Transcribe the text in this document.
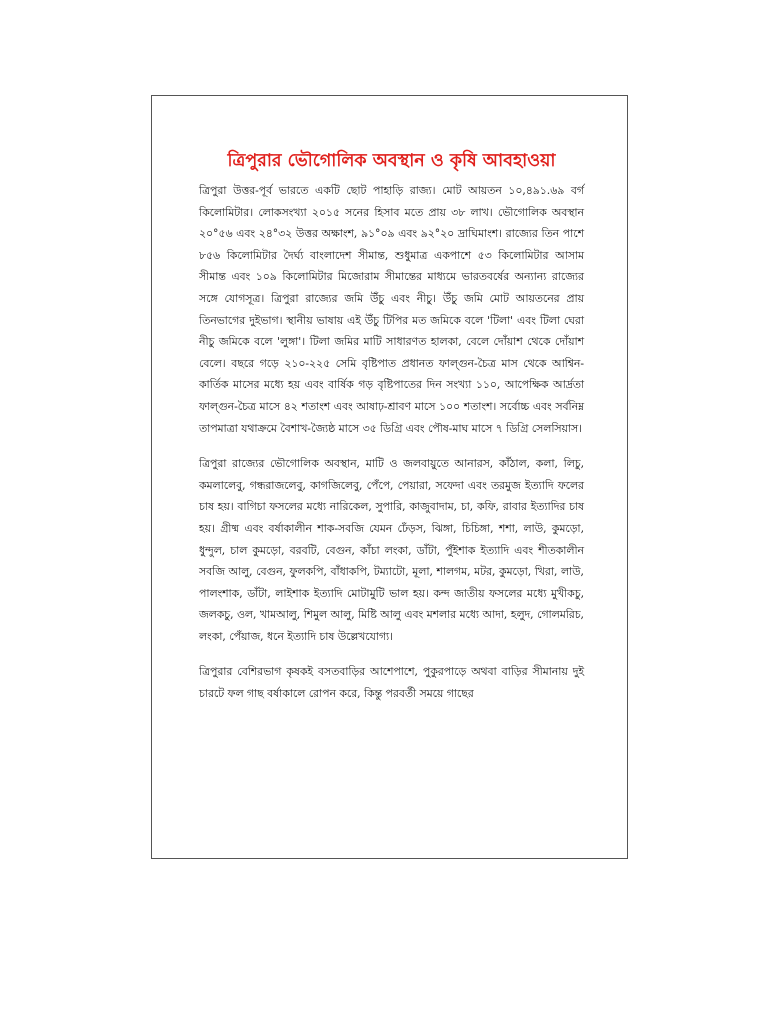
ত্রিপুরার ভৌগোলিক অবস্থান ও কৃষি আবহাওয়া

ত্রিপুরা উত্তর-পূর্ব ভারতে একটি ছোট পাহাড়ি রাজ্য। মোট আয়তন ১০,৪৯১.৬৯ বর্গ কিলোমিটার। লোকসংখ্যা ২০১৫ সনের হিসাব মতে প্রায় ৩৮ লাখ। ভৌগোলিক অবস্থান ২০°৫৬ এবং ২৪°৩২ উত্তর অক্ষাংশ, ৯১°০৯ এবং ৯২°২০ দ্রাঘিমাংশ। রাজ্যের তিন পাশে ৮৫৬ কিলোমিটার দৈর্ঘ্য বাংলাদেশ সীমান্ত, শুধুমাত্র একপাশে ৫৩ কিলোমিটার আসাম সীমান্ত এবং ১০৯ কিলোমিটার মিজোরাম সীমান্তের মাধ্যমে ভারতবর্ষের অন্যান্য রাজ্যের সঙ্গে যোগসূত্র। ত্রিপুরা রাজ্যের জমি উঁচু এবং নীচু। উঁচু জমি মোট আয়তনের প্রায় তিনভাগের দুইভাগ। স্থানীয় ভাষায় এই উঁচু টিপির মত জমিকে বলে 'টিলা' এবং টিলা ঘেরা নীচু জমিকে বলে 'লুঙ্গা'। টিলা জমির মাটি সাধারণত হালকা, বেলে দোঁয়াশ থেকে দোঁয়াশ বেলে। বছরে গড়ে ২১০-২২৫ সেমি বৃষ্টিপাত প্রধানত ফাল্গুন-চৈত্র মাস থেকে আশ্বিন-কার্তিক মাসের মধ্যে হয় এবং বার্ষিক গড় বৃষ্টিপাতের দিন সংখ্যা ১১০, আপেক্ষিক আর্দ্রতা ফাল্গুন-চৈত্র মাসে ৪২ শতাংশ এবং আষাঢ়-শ্রাবণ মাসে ১০০ শতাংশ। সর্বোচ্চ এবং সর্বনিম্ন তাপমাত্রা যথাক্রমে বৈশাখ-জ্যৈষ্ঠ মাসে ৩৫ ডিগ্রি এবং পৌষ-মাঘ মাসে ৭ ডিগ্রি সেলসিয়াস।

ত্রিপুরা রাজ্যের ভৌগোলিক অবস্থান, মাটি ও জলবায়ুতে আনারস, কাঁঠাল, কলা, লিচু, কমলালেবু, গন্ধরাজলেবু, কাগজিলেবু, পেঁপে, পেয়ারা, সফেদা এবং তরমুজ ইত্যাদি ফলের চাষ হয়। বাগিচা ফসলের মধ্যে নারিকেল, সুপারি, কাজুবাদাম, চা, কফি, রাবার ইত্যাদির চাষ হয়। গ্রীষ্ম এবং বর্ষাকালীন শাক-সবজি যেমন ঢেঁড়স, ঝিঙ্গা, চিচিঙ্গা, শশা, লাউ, কুমড়ো, ধুন্দুল, চাল কুমড়ো, বরবটি, বেগুন, কাঁচা লংকা, ডাঁটা, পুঁইশাক ইত্যাদি এবং শীতকালীন সবজি আলু, বেগুন, ফুলকপি, বাঁধাকপি, টম্যাটো, মূলা, শালগম, মটর, কুমড়ো, খিরা, লাউ, পালংশাক, ডাঁটা, লাইশাক ইত্যাদি মোটামুটি ভাল হয়। কন্দ জাতীয় ফসলের মধ্যে মুখীকচু, জলকচু, ওল, খামআলু, শিমুল আলু, মিষ্টি আলু এবং মশলার মধ্যে আদা, হলুদ, গোলমরিচ, লংকা, পেঁয়াজ, ধনে ইত্যাদি চাষ উল্লেখযোগ্য।

ত্রিপুরার বেশিরভাগ কৃষকই বসতবাড়ির আশেপাশে, পুকুরপাড়ে অথবা বাড়ির সীমানায় দুই চারটে ফল গাছ বর্ষাকালে রোপন করে, কিন্তু পরবর্তী সময়ে গাছের
